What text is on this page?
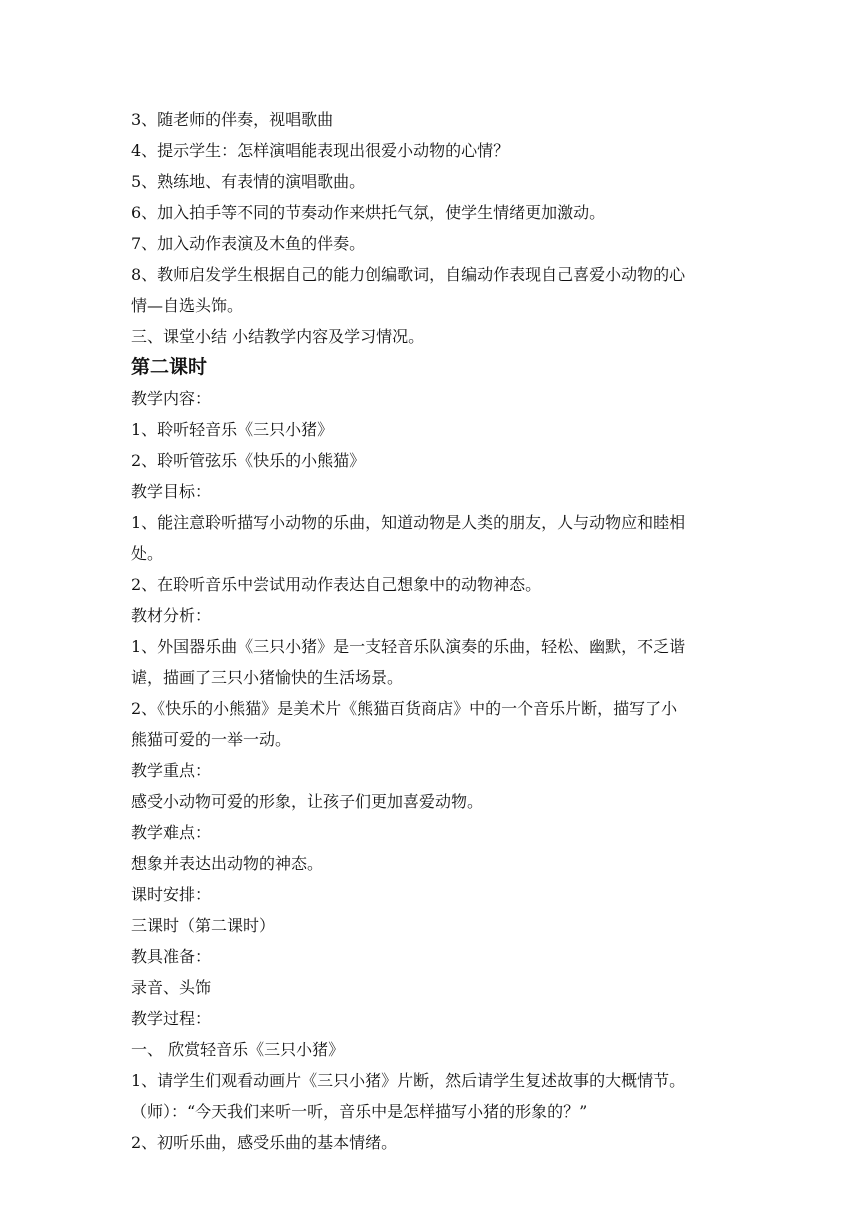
3、随老师的伴奏，视唱歌曲

4、提示学生：怎样演唱能表现出很爱小动物的心情？

5、熟练地、有表情的演唱歌曲。

6、加入拍手等不同的节奏动作来烘托气氛，使学生情绪更加激动。

7、加入动作表演及木鱼的伴奏。

8、教师启发学生根据自己的能力创编歌词，自编动作表现自己喜爱小动物的心

情—自选头饰。

三、课堂小结 小结教学内容及学习情况。

第二课时

教学内容：

1、聆听轻音乐《三只小猪》

2、聆听管弦乐《快乐的小熊猫》

教学目标：

1、能注意聆听描写小动物的乐曲，知道动物是人类的朋友，人与动物应和睦相

处。

2、在聆听音乐中尝试用动作表达自己想象中的动物神态。

教材分析：

1、外国器乐曲《三只小猪》是一支轻音乐队演奏的乐曲，轻松、幽默，不乏谐

谑，描画了三只小猪愉快的生活场景。

2、《快乐的小熊猫》是美术片《熊猫百货商店》中的一个音乐片断，描写了小

熊猫可爱的一举一动。

教学重点：

感受小动物可爱的形象，让孩子们更加喜爱动物。

教学难点：

想象并表达出动物的神态。

课时安排：

三课时（第二课时）

教具准备：

录音、头饰

教学过程：

一、 欣赏轻音乐《三只小猪》

1、请学生们观看动画片《三只小猪》片断，然后请学生复述故事的大概情节。

（师）：“今天我们来听一听，音乐中是怎样描写小猪的形象的？”

2、初听乐曲，感受乐曲的基本情绪。
